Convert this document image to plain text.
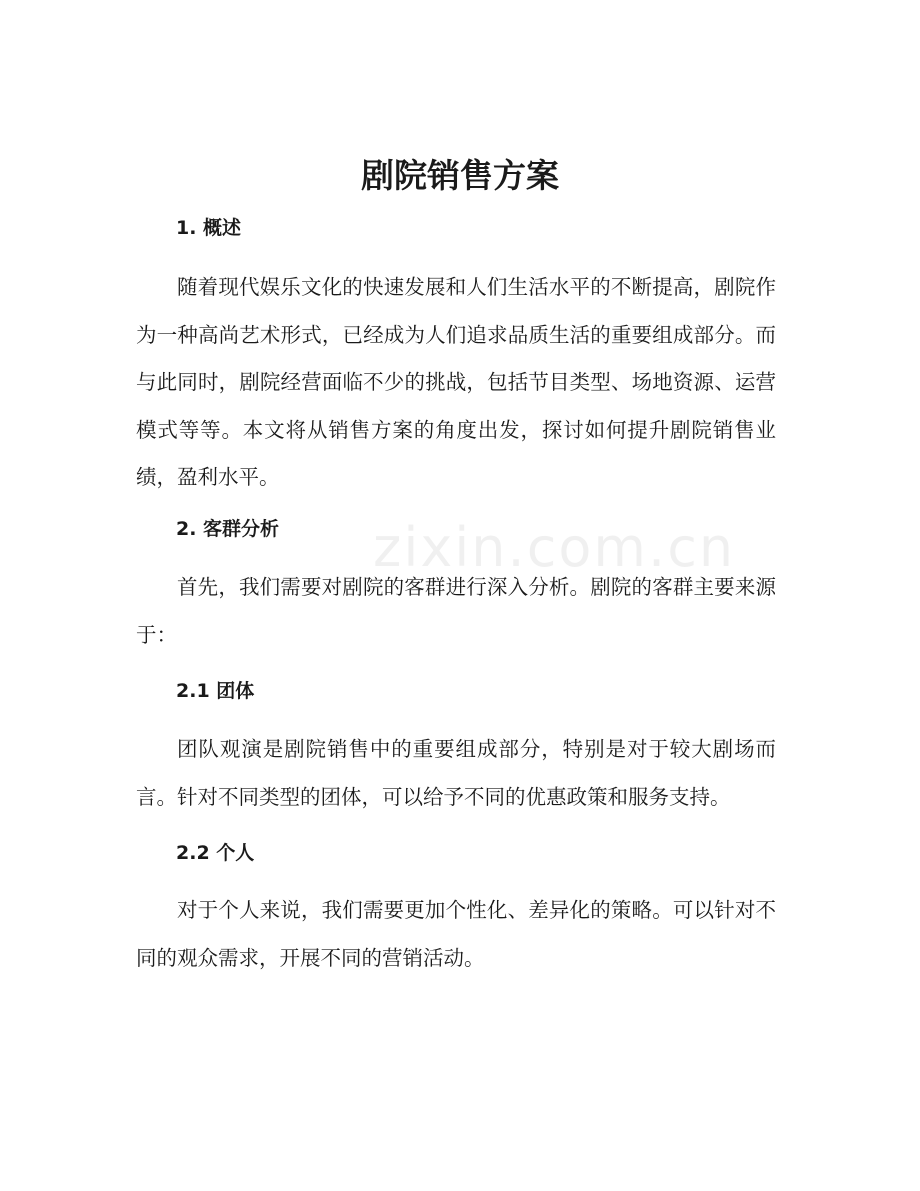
zixin.com.cn
剧院销售方案
1. 概述

随着现代娱乐文化的快速发展和人们生活水平的不断提高，剧院作为一种高尚艺术形式，已经成为人们追求品质生活的重要组成部分。而与此同时，剧院经营面临不少的挑战，包括节目类型、场地资源、运营模式等等。本文将从销售方案的角度出发，探讨如何提升剧院销售业绩，盈利水平。

2. 客群分析

首先，我们需要对剧院的客群进行深入分析。剧院的客群主要来源于：

2.1 团体

团队观演是剧院销售中的重要组成部分，特别是对于较大剧场而言。针对不同类型的团体，可以给予不同的优惠政策和服务支持。

2.2 个人

对于个人来说，我们需要更加个性化、差异化的策略。可以针对不同的观众需求，开展不同的营销活动。
